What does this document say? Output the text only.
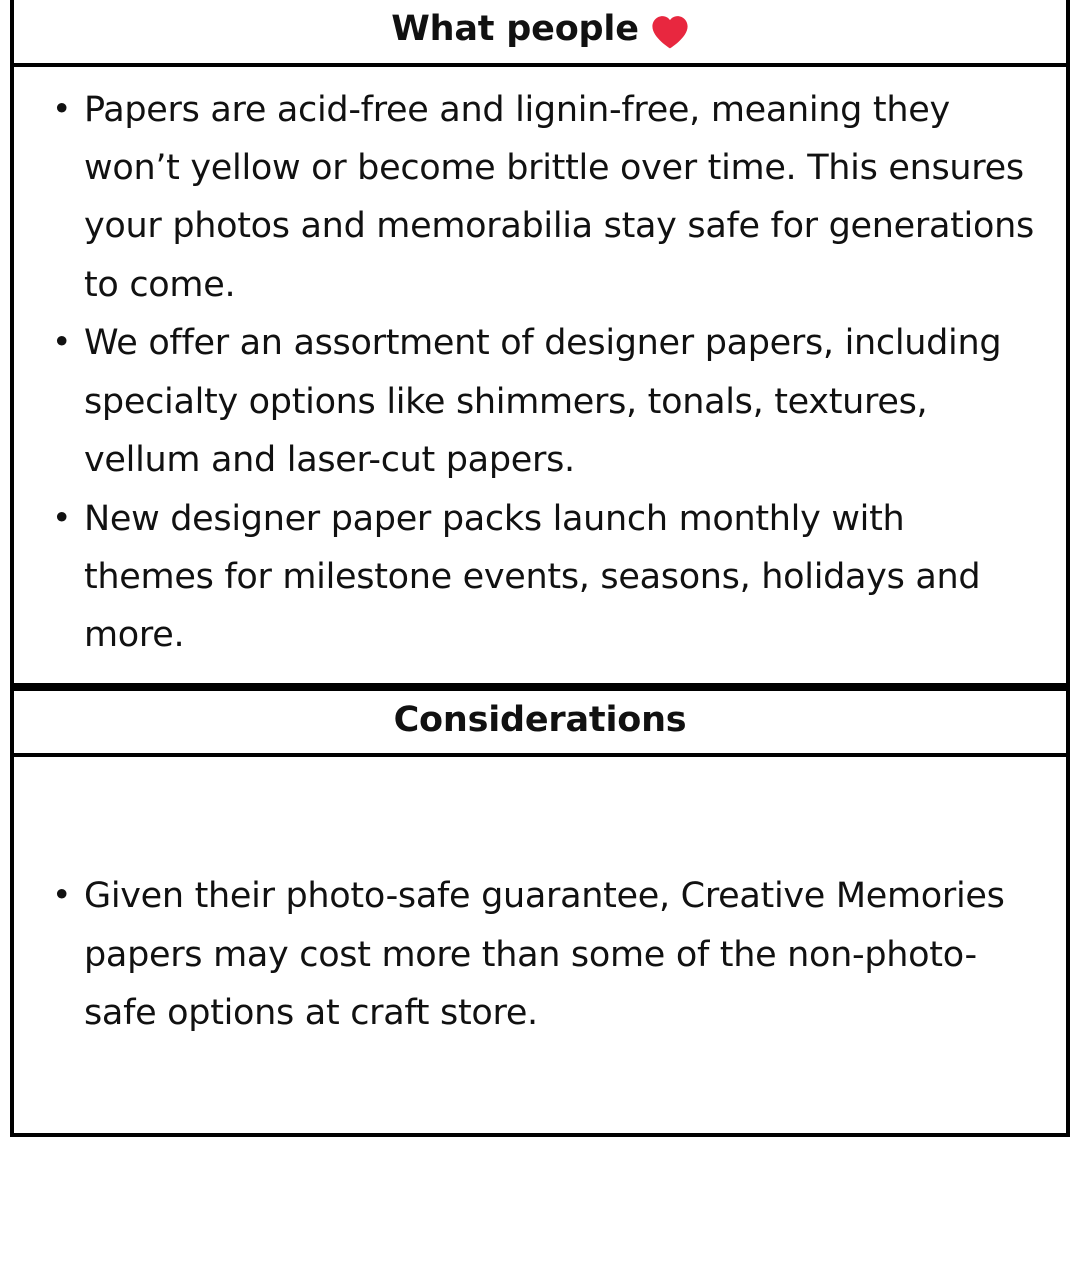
What people
• Papers are acid-free and lignin-free, meaning they won’t yellow or become brittle over time. This ensures your photos and memorabilia stay safe for generations to come.
• We offer an assortment of designer papers, including specialty options like shimmers, tonals, textures, vellum and laser-cut papers.
• New designer paper packs launch monthly with themes for milestone events, seasons, holidays and more.
Considerations
• Given their photo-safe guarantee, Creative Memories papers may cost more than some of the non-photo-safe options at craft store.
